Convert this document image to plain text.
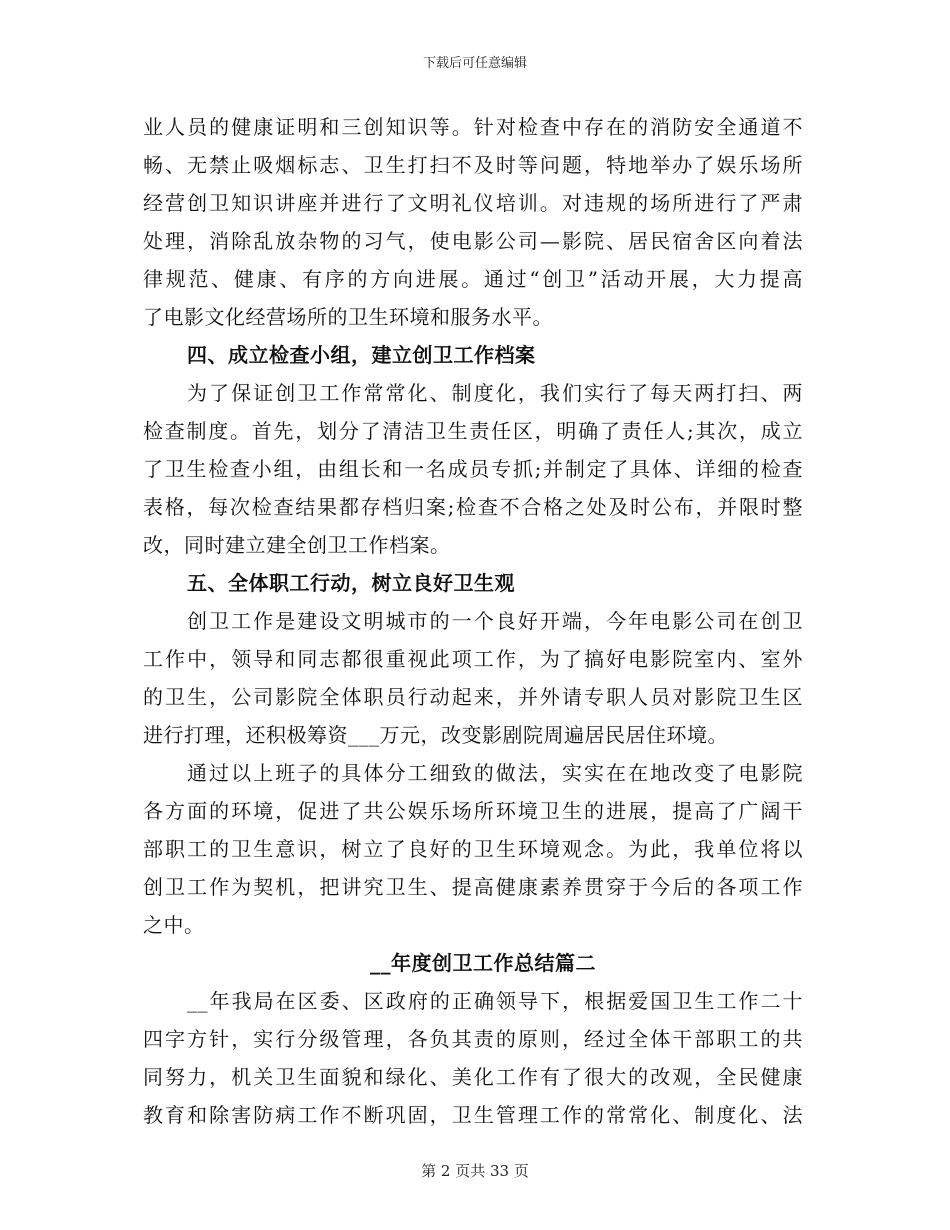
下载后可任意编辑
业人员的健康证明和三创知识等。针对检查中存在的消防安全通道不
畅、无禁止吸烟标志、卫生打扫不及时等问题，特地举办了娱乐场所
经营创卫知识讲座并进行了文明礼仪培训。对违规的场所进行了严肃
处理，消除乱放杂物的习气，使电影公司—影院、居民宿舍区向着法
律规范、健康、有序的方向进展。通过“创卫”活动开展，大力提高
了电影文化经营场所的卫生环境和服务水平。
四、成立检查小组，建立创卫工作档案
为了保证创卫工作常常化、制度化，我们实行了每天两打扫、两
检查制度。首先，划分了清洁卫生责任区，明确了责任人;其次，成立
了卫生检查小组，由组长和一名成员专抓;并制定了具体、详细的检查
表格，每次检查结果都存档归案;检查不合格之处及时公布，并限时整
改，同时建立建全创卫工作档案。
五、全体职工行动，树立良好卫生观
创卫工作是建设文明城市的一个良好开端，今年电影公司在创卫
工作中，领导和同志都很重视此项工作，为了搞好电影院室内、室外
的卫生，公司影院全体职员行动起来，并外请专职人员对影院卫生区
进行打理，还积极筹资___万元，改变影剧院周遍居民居住环境。
通过以上班子的具体分工细致的做法，实实在在地改变了电影院
各方面的环境，促进了共公娱乐场所环境卫生的进展，提高了广阔干
部职工的卫生意识，树立了良好的卫生环境观念。为此，我单位将以
创卫工作为契机，把讲究卫生、提高健康素养贯穿于今后的各项工作
之中。
__年度创卫工作总结篇二
__年我局在区委、区政府的正确领导下，根据爱国卫生工作二十
四字方针，实行分级管理，各负其责的原则，经过全体干部职工的共
同努力，机关卫生面貌和绿化、美化工作有了很大的改观，全民健康
教育和除害防病工作不断巩固，卫生管理工作的常常化、制度化、法
第 2 页共 33 页
